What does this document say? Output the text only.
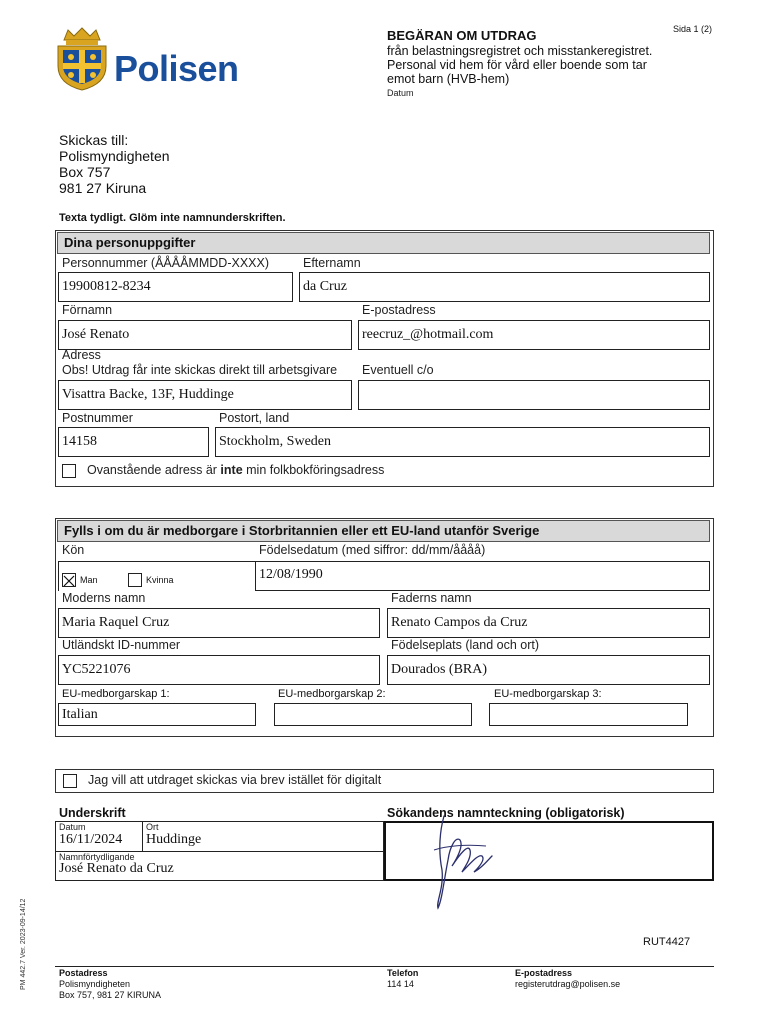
Polisen
Sida 1 (2)
BEGÄRAN OM UTDRAG
från belastningsregistret och misstankeregistret.
Personal vid hem för vård eller boende som tar
emot barn (HVB-hem)
Datum
Skickas till:
Polismyndigheten
Box 757
981 27 Kiruna
Texta tydligt. Glöm inte namnunderskriften.
Dina personuppgifter
Personnummer (ÅÅÅÅMMDD-XXXX)	Efternamn
19900812-8234	da Cruz
Förnamn	E-postadress
José Renato	reecruz_@hotmail.com
Adress
Obs! Utdrag får inte skickas direkt till arbetsgivare Eventuell c/o
Visattra Backe, 13F, Huddinge
Postnummer	Postort, land
14158	Stockholm, Sweden
Ovanstående adress är inte min folkbokföringsadress
Fylls i om du är medborgare i Storbritannien eller ett EU-land utanför Sverige
Kön	Födelsedatum (med siffror: dd/mm/åååå)
Man	Kvinna	12/08/1990
Moderns namn	Faderns namn
Maria Raquel Cruz	Renato Campos da Cruz
Utländskt ID-nummer	Födelseplats (land och ort)
YC5221076	Dourados (BRA)
EU-medborgarskap 1:	EU-medborgarskap 2:	EU-medborgarskap 3:
Italian
Jag vill att utdraget skickas via brev istället för digitalt
Underskrift	Sökandens namnteckning (obligatorisk)
Datum
16/11/2024
Ort
Huddinge
Namnförtydligande
José Renato da Cruz
RUT4427
PM 442.7 Ver. 2023-09-14/12	Postadress
Polismyndigheten
Box 757, 981 27 KIRUNA
Telefon
114 14
E-postadress
registerutdrag@polisen.se
